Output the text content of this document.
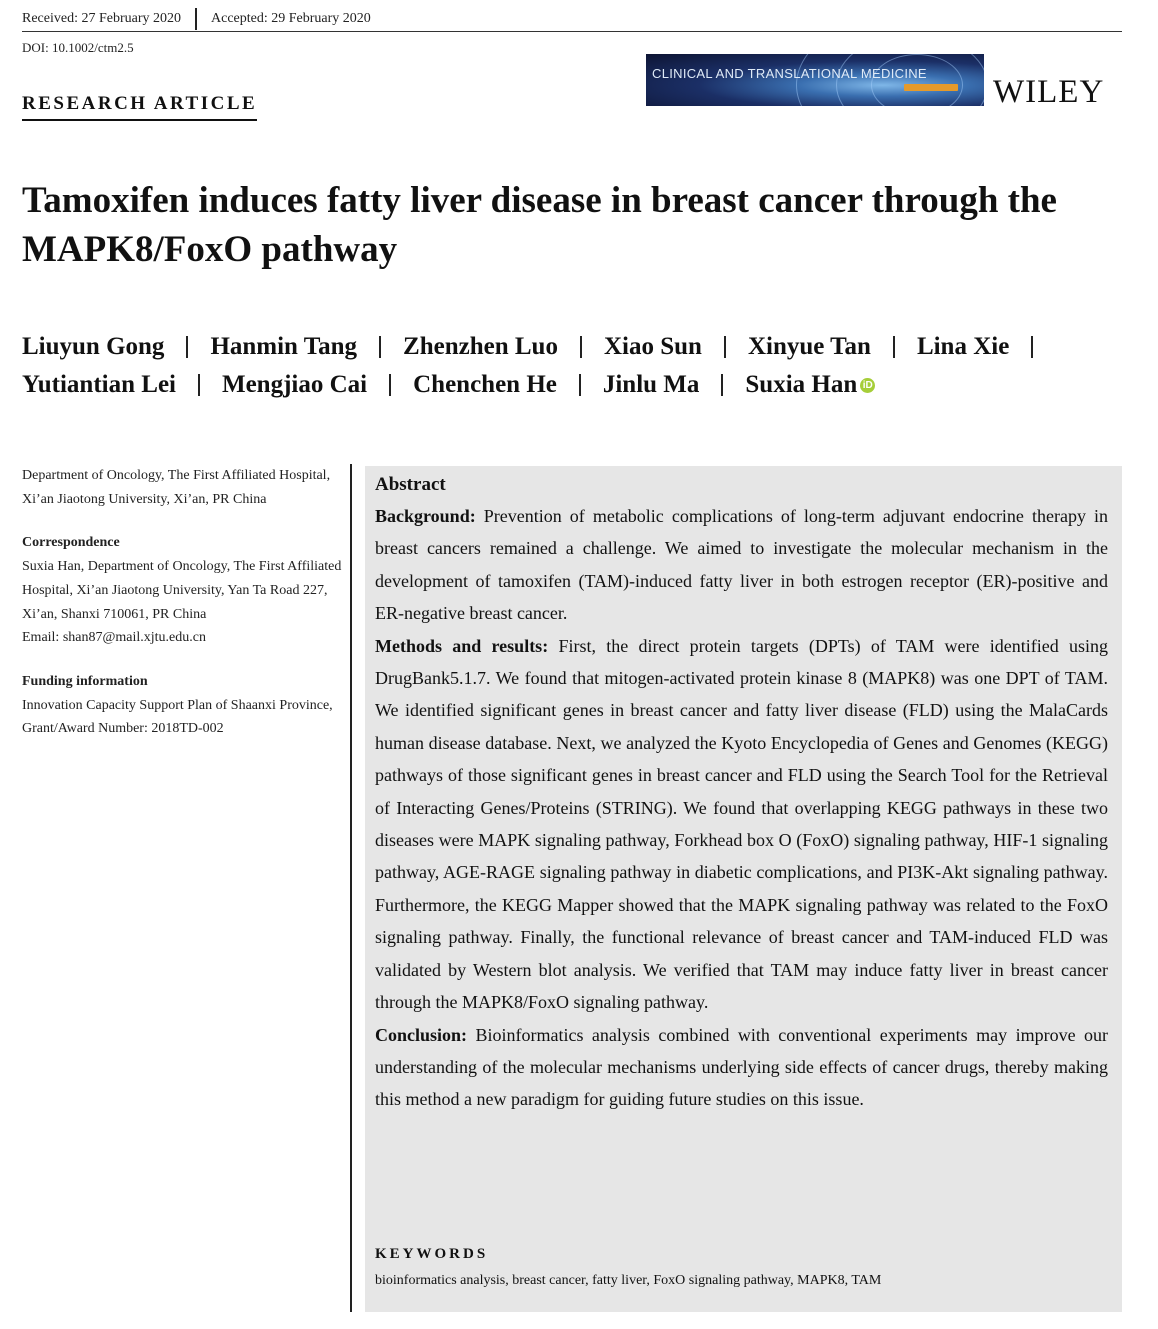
Received: 27 February 2020 Accepted: 29 February 2020
DOI: 10.1002/ctm2.5
RESEARCH ARTICLE
CLINICAL AND TRANSLATIONAL MEDICINE
WILEY
Tamoxifen induces fatty liver disease in breast cancer through the MAPK8/FoxO pathway
Liuyun Gong Hanmin Tang Zhenzhen Luo Xiao Sun Xinyue Tan Lina Xie
Yutiantian Lei Mengjiao Cai Chenchen He Jinlu Ma Suxia Han iD
Department of Oncology, The First Affiliated Hospital, Xi’an Jiaotong University, Xi’an, PR China
Correspondence
Suxia Han, Department of Oncology, The First Affiliated Hospital, Xi’an Jiaotong University, Yan Ta Road 227, Xi’an, Shanxi 710061, PR China
Email: shan87@mail.xjtu.edu.cn
Funding information
Innovation Capacity Support Plan of Shaanxi Province, Grant/Award Number: 2018TD-002
Abstract

Background: Prevention of metabolic complications of long-term adjuvant endocrine therapy in breast cancers remained a challenge. We aimed to investigate the molecular mechanism in the development of tamoxifen (TAM)-induced fatty liver in both estrogen receptor (ER)-positive and ER-negative breast cancer.

Methods and results: First, the direct protein targets (DPTs) of TAM were identified using DrugBank5.1.7. We found that mitogen-activated protein kinase 8 (MAPK8) was one DPT of TAM. We identified significant genes in breast cancer and fatty liver disease (FLD) using the MalaCards human disease database. Next, we analyzed the Kyoto Encyclopedia of Genes and Genomes (KEGG) pathways of those significant genes in breast cancer and FLD using the Search Tool for the Retrieval of Interacting Genes/Proteins (STRING). We found that overlapping KEGG pathways in these two diseases were MAPK signaling pathway, Forkhead box O (FoxO) signaling pathway, HIF-1 signaling pathway, AGE-RAGE signaling pathway in diabetic complications, and PI3K-Akt signaling pathway. Furthermore, the KEGG Mapper showed that the MAPK signaling pathway was related to the FoxO signaling pathway. Finally, the functional relevance of breast cancer and TAM-induced FLD was validated by Western blot analysis. We verified that TAM may induce fatty liver in breast cancer through the MAPK8/FoxO signaling pathway.

Conclusion: Bioinformatics analysis combined with conventional experiments may improve our understanding of the molecular mechanisms underlying side effects of cancer drugs, thereby making this method a new paradigm for guiding future studies on this issue.

KEYWORDS
bioinformatics analysis, breast cancer, fatty liver, FoxO signaling pathway, MAPK8, TAM
